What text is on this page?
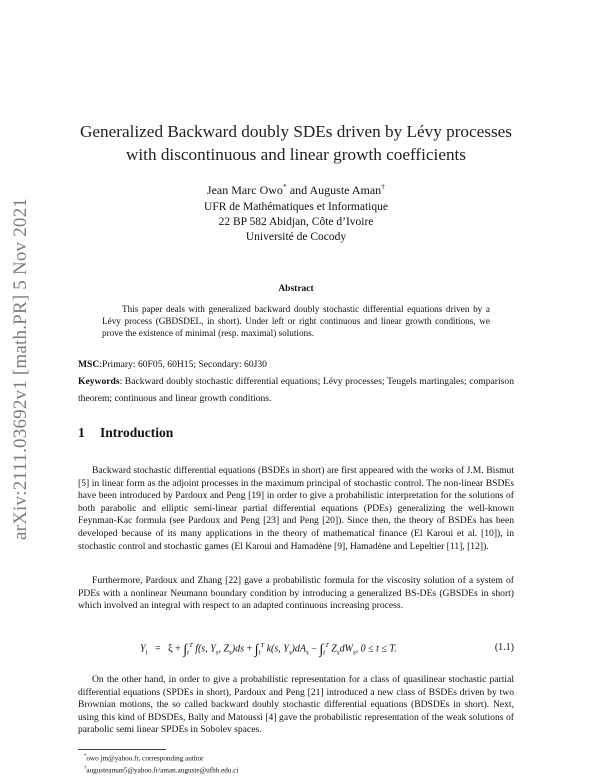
arXiv:2111.03692v1 [math.PR] 5 Nov 2021
Generalized Backward doubly SDEs driven by Lévy processes
with discontinuous and linear growth coefficients
Jean Marc Owo* and Auguste Aman†
UFR de Mathématiques et Informatique
22 BP 582 Abidjan, Côte d’Ivoire
Université de Cocody
Abstract
This paper deals with generalized backward doubly stochastic differential equations driven by a Lévy process (GBDSDEL, in short). Under left or right continuous and linear growth conditions, we prove the existence of minimal (resp. maximal) solutions.
MSC:Primary: 60F05, 60H15; Secondary: 60J30
Keywords: Backward doubly stochastic differential equations; Lévy processes; Teugels martingales; comparison theorem; continuous and linear growth conditions.
1 Introduction
Backward stochastic differential equations (BSDEs in short) are first appeared with the works of J.M. Bismut [5] in linear form as the adjoint processes in the maximum principal of stochastic control. The non-linear BSDEs have been introduced by Pardoux and Peng [19] in order to give a probabilistic interpretation for the solutions of both parabolic and elliptic semi-linear partial differential equations (PDEs) generalizing the well-known Feynman-Kac formula (see Pardoux and Peng [23] and Peng [20]). Since then, the theory of BSDEs has been developed because of its many applications in the theory of mathematical finance (El Karoui et al. [10]), in stochastic control and stochastic games (El Karoui and Hamadène [9], Hamadène and Lepeltier [11], [12]).
Furthermore, Pardoux and Zhang [22] gave a probabilistic formula for the viscosity solution of a system of PDEs with a nonlinear Neumann boundary condition by introducing a generalized BS-DEs (GBSDEs in short) which involved an integral with respect to an adapted continuous increasing process.
$Y_t = \xi + \int_t^T$ f(s, $Y_s$, $Z_s)ds + \int_t^T$ k(s, $Y_s)dA_s - \int_t^T$ $Z_sdW_s$, 0 ≤ t ≤ T.	(1.1)
On the other hand, in order to give a probabilistic representation for a class of quasilinear stochastic partial differential equations (SPDEs in short), Pardoux and Peng [21] introduced a new class of BSDEs driven by two Brownian motions, the so called backward doubly stochastic differential equations (BDSDEs in short). Next, using this kind of BDSDEs, Bally and Matoussi [4] gave the probabilistic representation of the weak solutions of parabolic semi linear SPDEs in Sobolev spaces.
*owo jm@yahoo.fr, corresponding author
†augusteaman5@yahoo.fr/aman.auguste@ufhb.edu.ci
